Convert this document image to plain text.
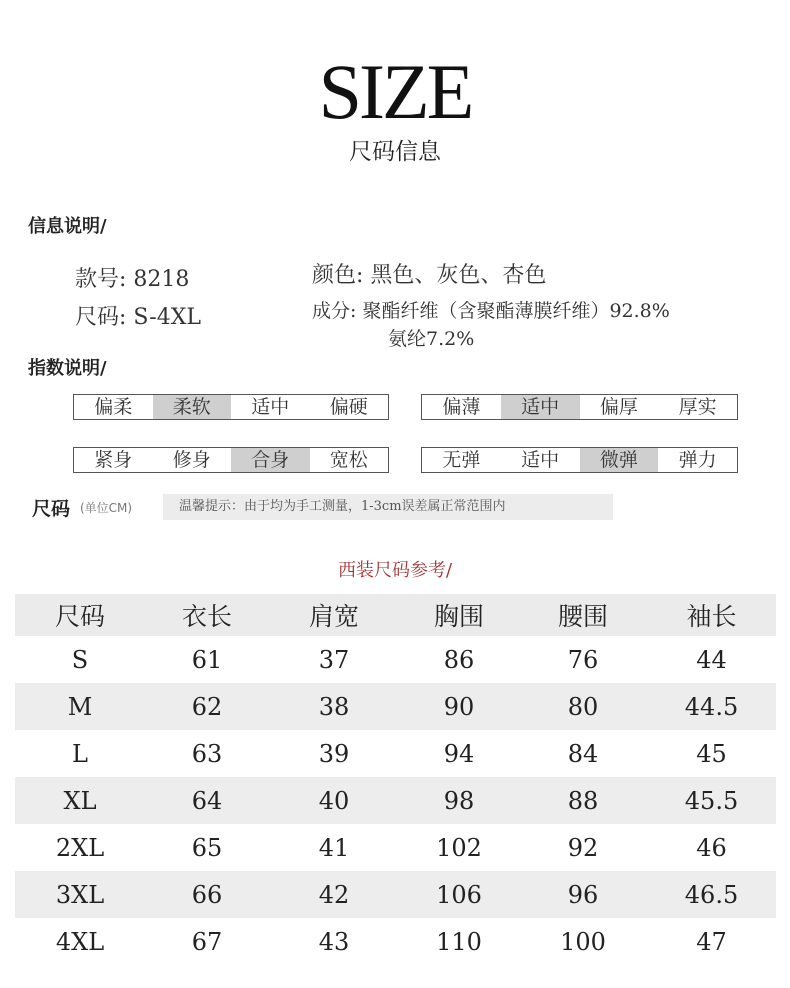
SIZE
尺码信息
信息说明/
款号: 8218
尺码: S-4XL
颜色: 黑色、灰色、杏色
成分: 聚酯纤维（含聚酯薄膜纤维）92.8%
氨纶7.2%
指数说明/
偏柔	柔软	适中	偏硬	偏薄	适中	偏厚	厚实
紧身	修身	合身	宽松	无弹	适中	微弹	弹力
尺码 (单位CM)	温馨提示：由于均为手工测量，1-3cm误差属正常范围内
西装尺码参考/
尺码	衣长	肩宽	胸围	腰围	袖长
S	61	37	86	76	44
M	62	38	90	80	44.5
L	63	39	94	84	45
XL	64	40	98	88	45.5
2XL	65	41	102	92	46
3XL	66	42	106	96	46.5
4XL	67	43	110	100	47
